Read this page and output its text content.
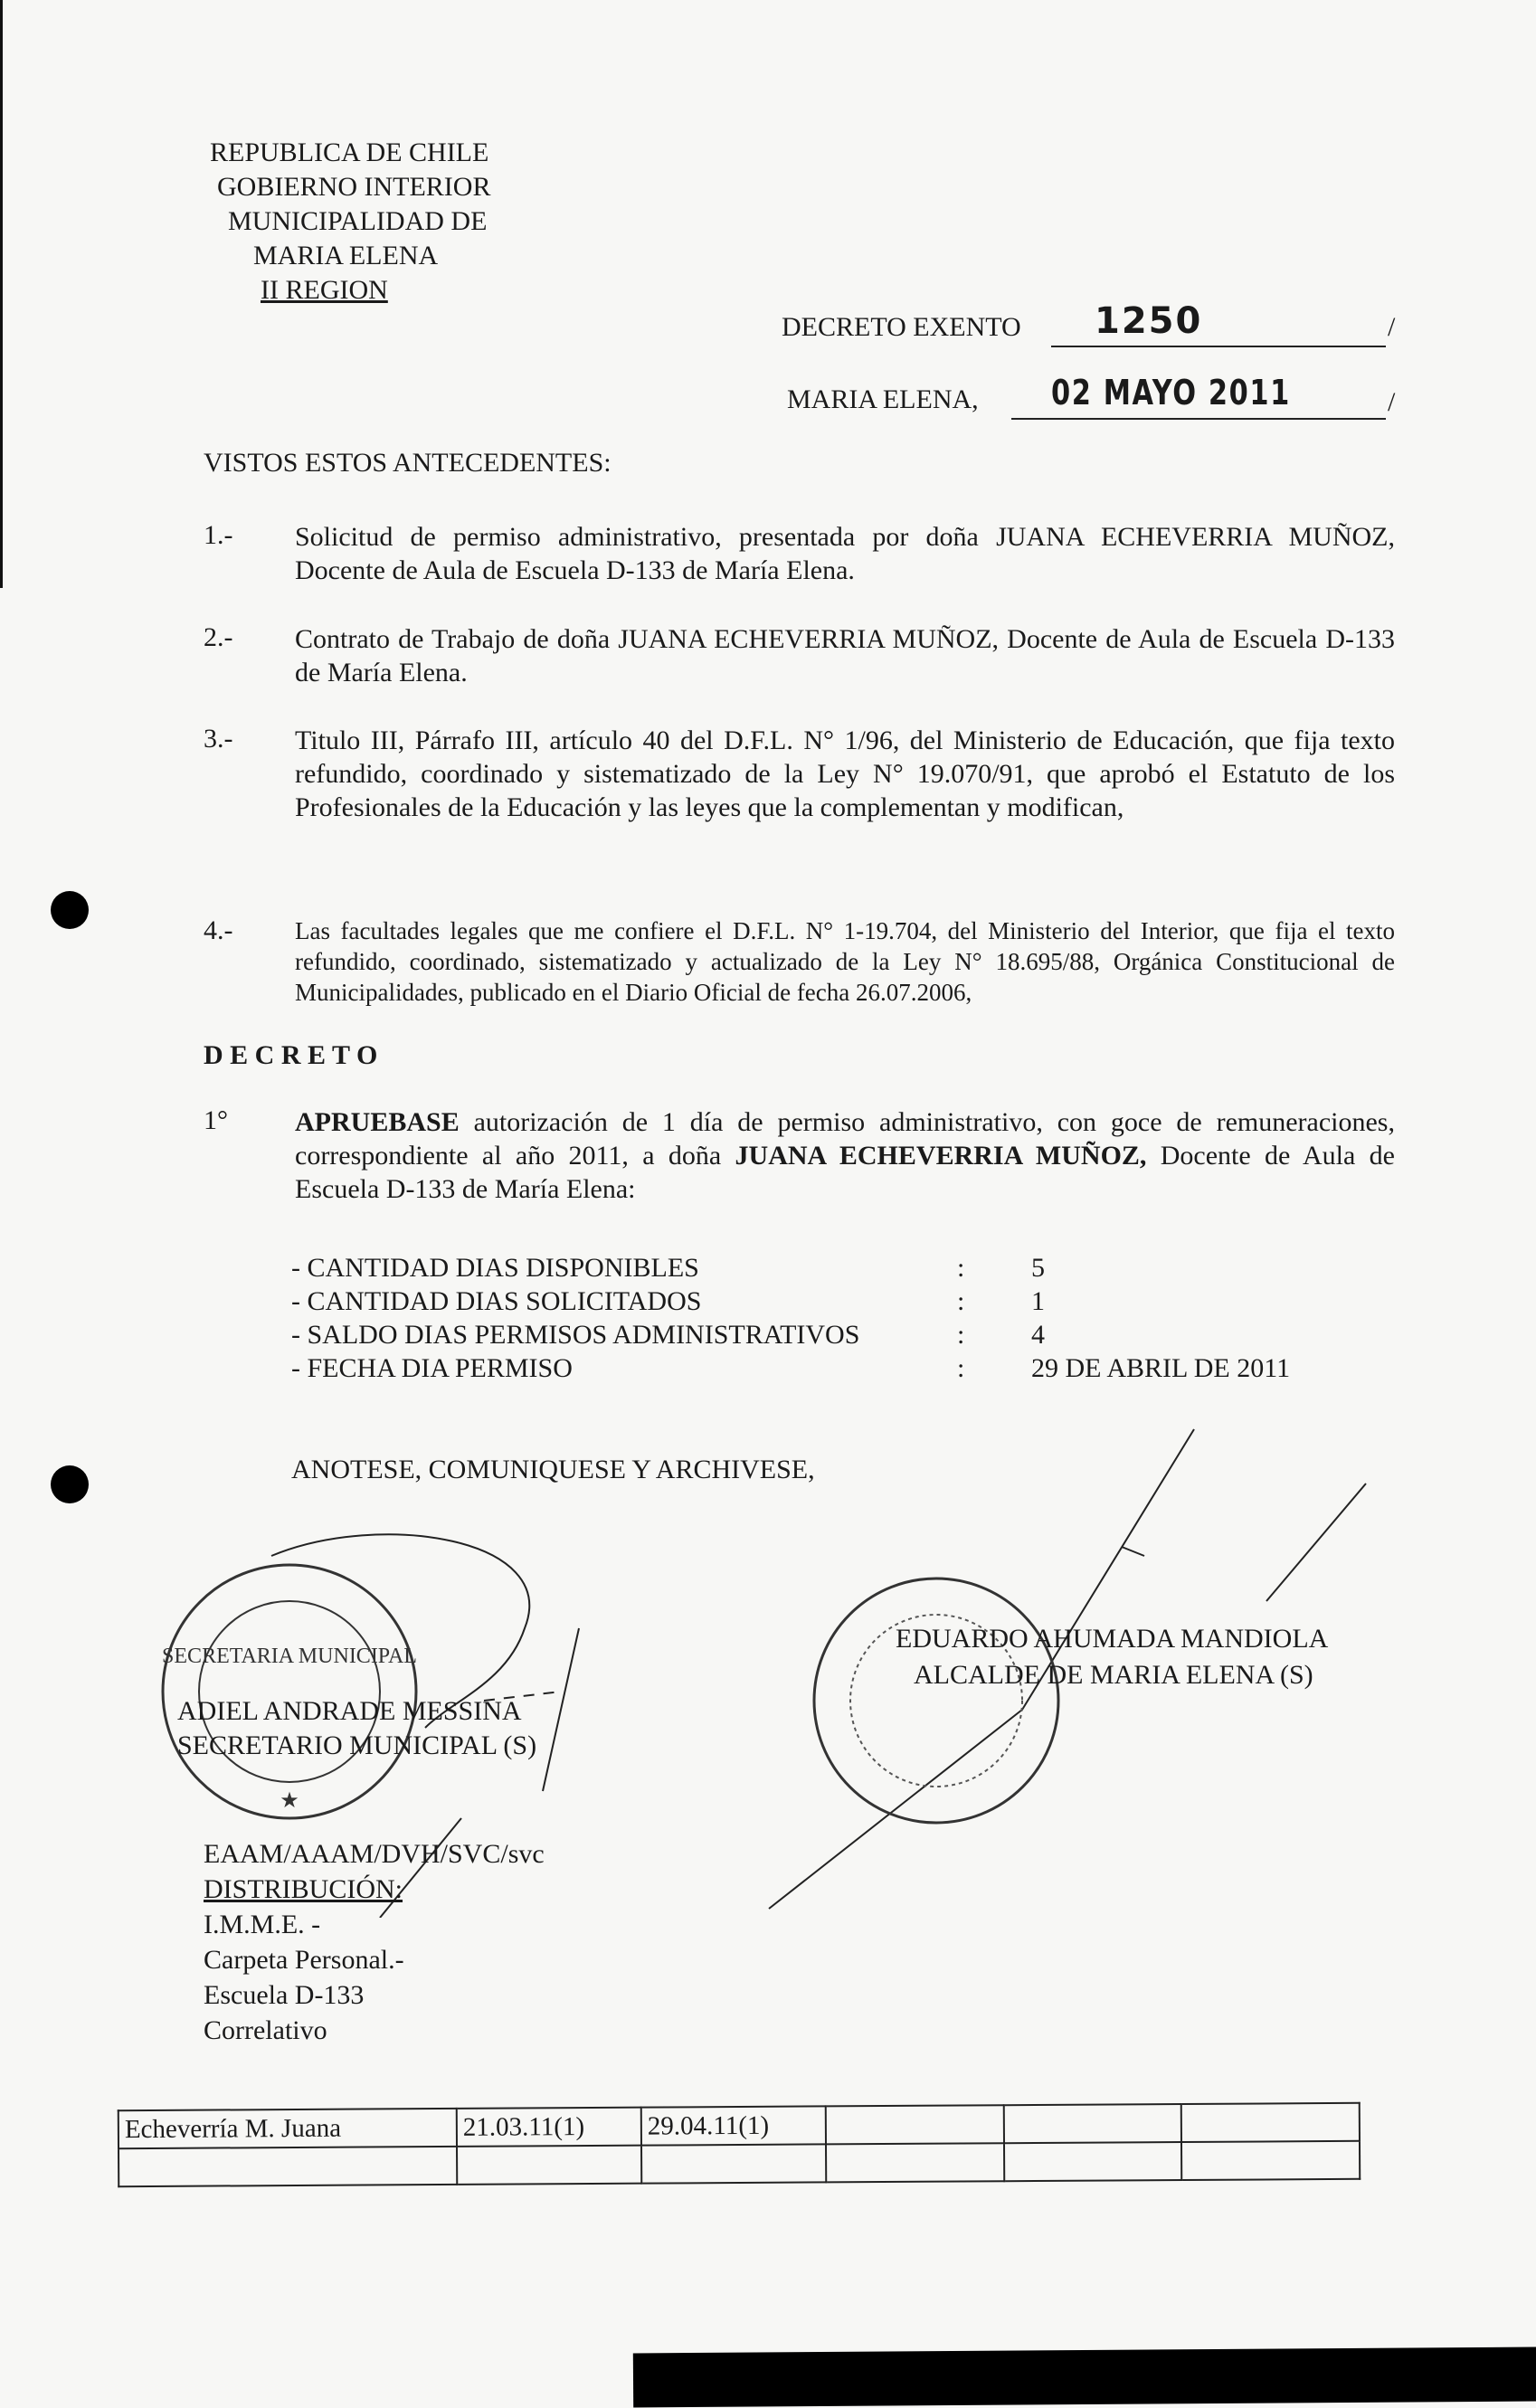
REPUBLICA DE CHILE
GOBIERNO INTERIOR
MUNICIPALIDAD DE
MARIA ELENA
II REGION
DECRETO EXENTO 1250	/
MARIA ELENA, 02 MAYO 2011	/
VISTOS ESTOS ANTECEDENTES:
1.- Solicitud de permiso administrativo, presentada por doña JUANA ECHEVERRIA MUÑOZ, Docente de Aula de Escuela D-133 de María Elena.
2.- Contrato de Trabajo de doña JUANA ECHEVERRIA MUÑOZ, Docente de Aula de Escuela D-133 de María Elena.
3.- Titulo III, Párrafo III, artículo 40 del D.F.L. N° 1/96, del Ministerio de Educación, que fija texto refundido, coordinado y sistematizado de la Ley N° 19.070/91, que aprobó el Estatuto de los Profesionales de la Educación y las leyes que la complementan y modifican,
4.-	Las facultades legales que me confiere el D.F.L. N° 1-19.704, del Ministerio del Interior, que fija el texto refundido, coordinado, sistematizado y actualizado de la Ley N° 18.695/88, Orgánica Constitucional de Municipalidades, publicado en el Diario Oficial de fecha 26.07.2006,
D E C R E T O
1° APRUEBASE autorización de 1 día de permiso administrativo, con goce de remuneraciones, correspondiente al año 2011, a doña JUANA ECHEVERRIA MUÑOZ, Docente de Aula de Escuela D-133 de María Elena:
- CANTIDAD DIAS DISPONIBLES	: 5
- CANTIDAD DIAS SOLICITADOS	: 1
- SALDO DIAS PERMISOS ADMINISTRATIVOS	: 4
- FECHA DIA PERMISO	: 29 DE ABRIL DE 2011
ANOTESE, COMUNIQUESE Y ARCHIVESE,
SECRETARIA MUNICIPAL
★
ADIEL ANDRADE MESSINA
SECRETARIO MUNICIPAL (S)
EDUARDO AHUMADA MANDIOLA
ALCALDE DE MARIA ELENA (S)
EAAM/AAAM/DVH/SVC/svc
DISTRIBUCIÓN:
I.M.M.E. -
Carpeta Personal.-
Escuela D-133
Correlativo
Echeverría M. Juana	21.03.11(1)	29.04.11(1)			
